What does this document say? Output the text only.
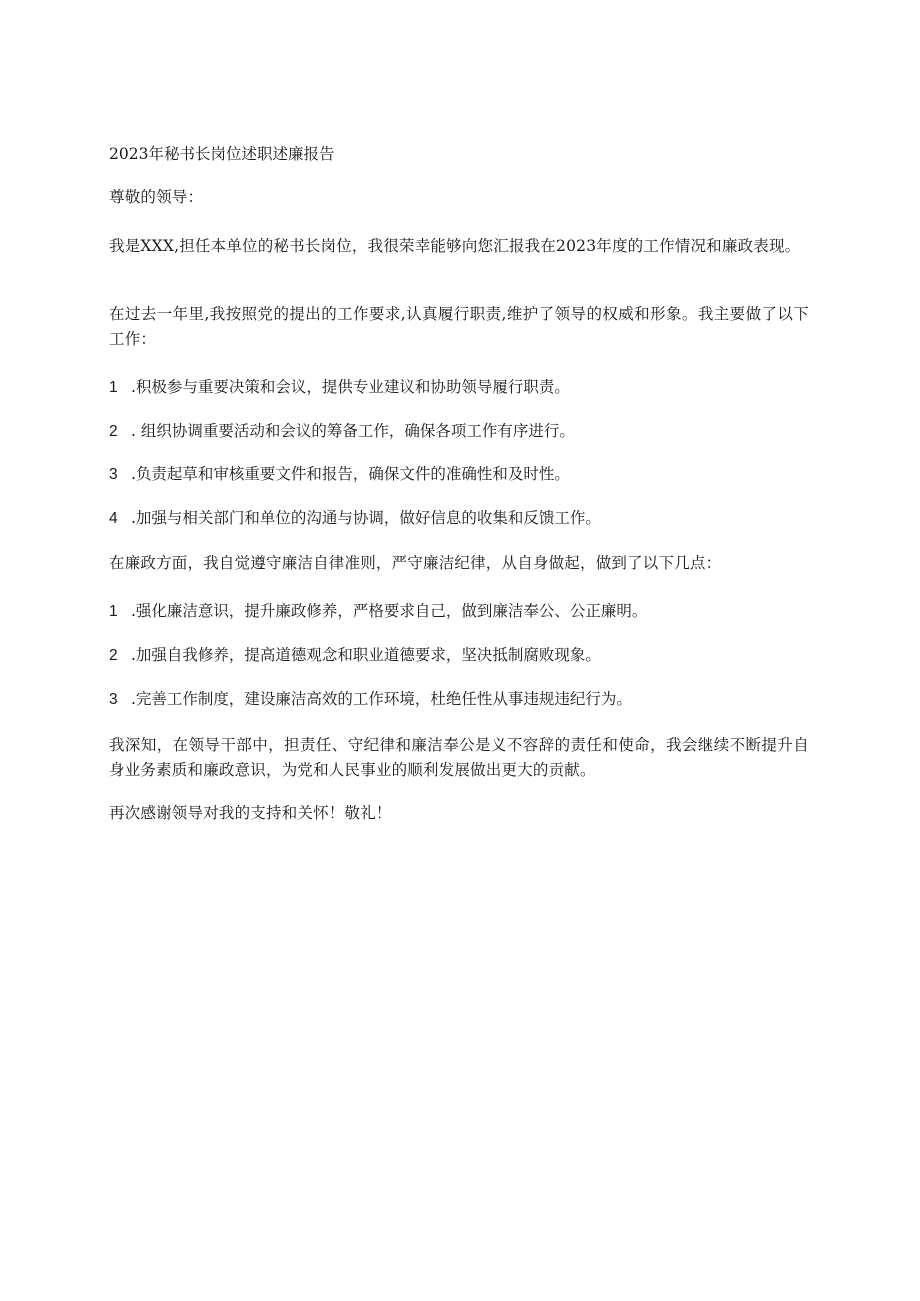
2023年秘书长岗位述职述廉报告
尊敬的领导：
我是XXX,担任本单位的秘书长岗位，我很荣幸能够向您汇报我在2023年度的工作情况和廉政表现。
在过去一年里,我按照党的提出的工作要求,认真履行职责,维护了领导的权威和形象。我主要做了以下工作：
1 .积极参与重要决策和会议，提供专业建议和协助领导履行职责。
2 . 组织协调重要活动和会议的筹备工作，确保各项工作有序进行。
3 .负责起草和审核重要文件和报告，确保文件的准确性和及时性。
4 .加强与相关部门和单位的沟通与协调，做好信息的收集和反馈工作。
在廉政方面，我自觉遵守廉洁自律准则，严守廉洁纪律，从自身做起，做到了以下几点：
1 .强化廉洁意识，提升廉政修养，严格要求自己，做到廉洁奉公、公正廉明。
2 .加强自我修养，提高道德观念和职业道德要求，坚决抵制腐败现象。
3 .完善工作制度，建设廉洁高效的工作环境，杜绝任性从事违规违纪行为。
我深知，在领导干部中，担责任、守纪律和廉洁奉公是义不容辞的责任和使命，我会继续不断提升自身业务素质和廉政意识，为党和人民事业的顺利发展做出更大的贡献。
再次感谢领导对我的支持和关怀！敬礼！
